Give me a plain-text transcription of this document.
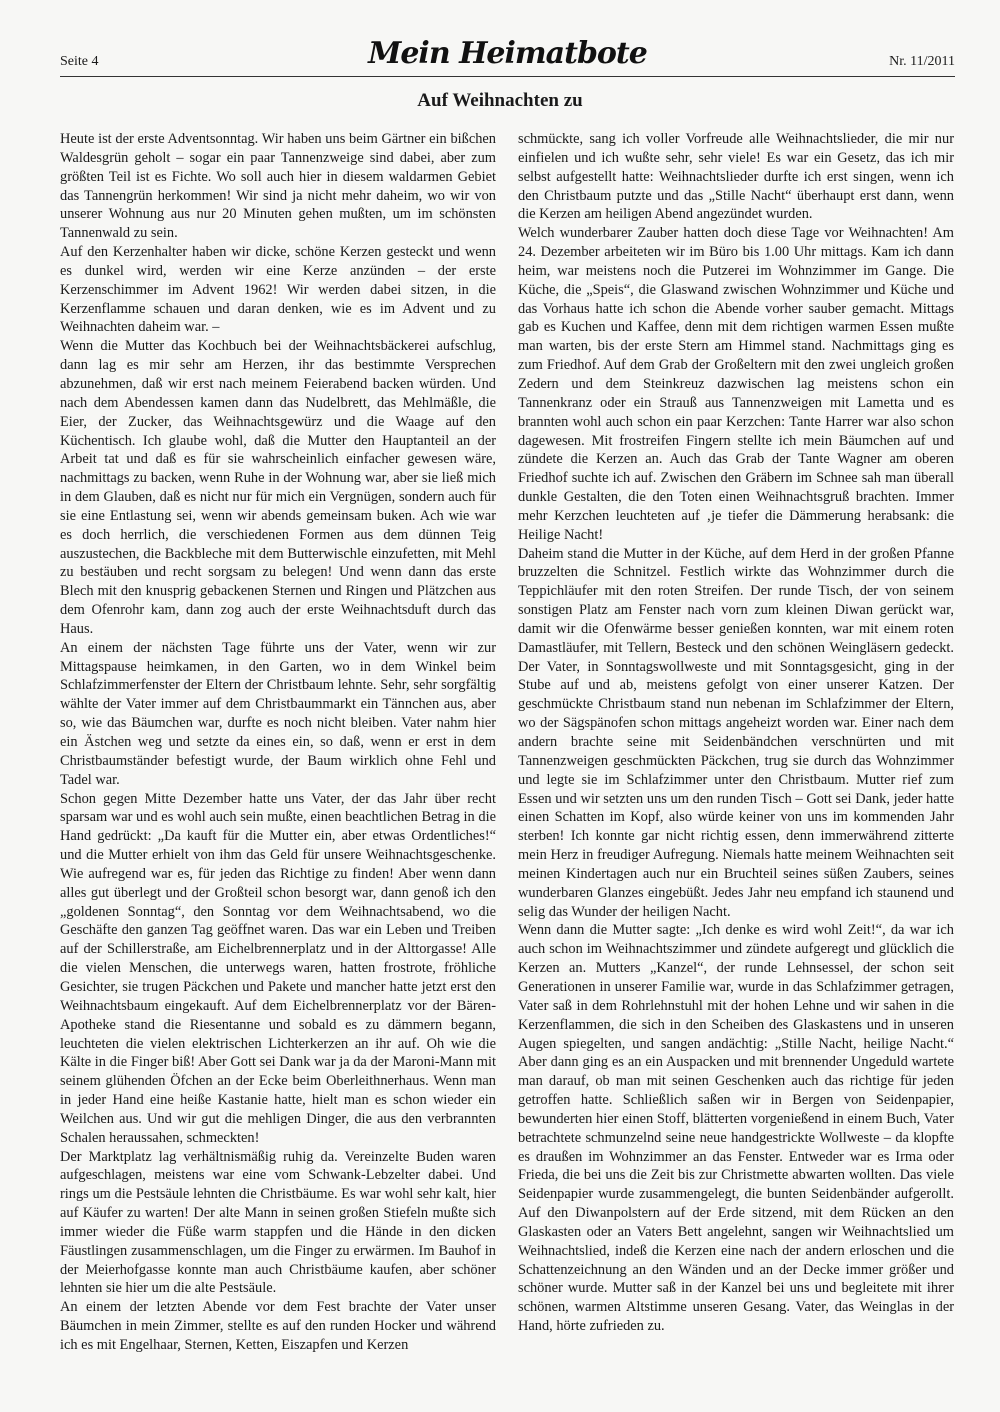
Seite 4	Mein Heimatbote	Nr. 11/2011
Auf Weihnachten zu

Heute ist der erste Adventsonntag. Wir haben uns beim Gärtner ein bißchen Waldesgrün geholt – sogar ein paar Tannenzweige sind dabei, aber zum größten Teil ist es Fichte. Wo soll auch hier in diesem waldarmen Gebiet das Tannengrün herkommen! Wir sind ja nicht mehr daheim, wo wir von unserer Wohnung aus nur 20 Minuten gehen mußten, um im schönsten Tannenwald zu sein.

Auf den Kerzenhalter haben wir dicke, schöne Kerzen gesteckt und wenn es dunkel wird, werden wir eine Kerze anzünden – der erste Kerzenschimmer im Advent 1962! Wir werden dabei sitzen, in die Kerzenflamme schauen und daran denken, wie es im Advent und zu Weihnachten daheim war. –

Wenn die Mutter das Kochbuch bei der Weihnachtsbäckerei aufschlug, dann lag es mir sehr am Herzen, ihr das bestimmte Versprechen abzunehmen, daß wir erst nach meinem Feierabend backen würden. Und nach dem Abendessen kamen dann das Nudelbrett, das Mehlmäßle, die Eier, der Zucker, das Weihnachtsgewürz und die Waage auf den Küchentisch. Ich glaube wohl, daß die Mutter den Hauptanteil an der Arbeit tat und daß es für sie wahrscheinlich einfacher gewesen wäre, nachmittags zu backen, wenn Ruhe in der Wohnung war, aber sie ließ mich in dem Glauben, daß es nicht nur für mich ein Vergnügen, sondern auch für sie eine Entlastung sei, wenn wir abends gemeinsam buken. Ach wie war es doch herrlich, die verschiedenen Formen aus dem dünnen Teig auszustechen, die Backbleche mit dem Butterwischle einzufetten, mit Mehl zu bestäuben und recht sorgsam zu belegen! Und wenn dann das erste Blech mit den knusprig gebackenen Sternen und Ringen und Plätzchen aus dem Ofenrohr kam, dann zog auch der erste Weihnachtsduft durch das Haus.

An einem der nächsten Tage führte uns der Vater, wenn wir zur Mittagspause heimkamen, in den Garten, wo in dem Winkel beim Schlafzimmerfenster der Eltern der Christbaum lehnte. Sehr, sehr sorgfältig wählte der Vater immer auf dem Christbaummarkt ein Tännchen aus, aber so, wie das Bäumchen war, durfte es noch nicht bleiben. Vater nahm hier ein Ästchen weg und setzte da eines ein, so daß, wenn er erst in dem Christbaumständer befestigt wurde, der Baum wirklich ohne Fehl und Tadel war.

Schon gegen Mitte Dezember hatte uns Vater, der das Jahr über recht sparsam war und es wohl auch sein mußte, einen beachtlichen Betrag in die Hand gedrückt: „Da kauft für die Mutter ein, aber etwas Ordentliches!“ und die Mutter erhielt von ihm das Geld für unsere Weihnachtsgeschenke. Wie aufregend war es, für jeden das Richtige zu finden! Aber wenn dann alles gut überlegt und der Großteil schon besorgt war, dann genoß ich den „goldenen Sonntag“, den Sonntag vor dem Weihnachtsabend, wo die Geschäfte den ganzen Tag geöffnet waren. Das war ein Leben und Treiben auf der Schillerstraße, am Eichelbrennerplatz und in der Alttorgasse! Alle die vielen Menschen, die unterwegs waren, hatten frostrote, fröhliche Gesichter, sie trugen Päckchen und Pakete und mancher hatte jetzt erst den Weihnachtsbaum eingekauft. Auf dem Eichelbrennerplatz vor der Bären-Apotheke stand die Riesentanne und sobald es zu dämmern begann, leuchteten die vielen elektrischen Lichterkerzen an ihr auf. Oh wie die Kälte in die Finger biß! Aber Gott sei Dank war ja da der Maroni-Mann mit seinem glühenden Öfchen an der Ecke beim Oberleithnerhaus. Wenn man in jeder Hand eine heiße Kastanie hatte, hielt man es schon wieder ein Weilchen aus. Und wir gut die mehligen Dinger, die aus den verbrannten Schalen heraussahen, schmeckten!

Der Marktplatz lag verhältnismäßig ruhig da. Vereinzelte Buden waren aufgeschlagen, meistens war eine vom Schwank-Lebzelter dabei. Und rings um die Pestsäule lehnten die Christbäume. Es war wohl sehr kalt, hier auf Käufer zu warten! Der alte Mann in seinen großen Stiefeln mußte sich immer wieder die Füße warm stappfen und die Hände in den dicken Fäustlingen zusammenschlagen, um die Finger zu erwärmen. Im Bauhof in der Meierhofgasse konnte man auch Christbäume kaufen, aber schöner lehnten sie hier um die alte Pestsäule.

An einem der letzten Abende vor dem Fest brachte der Vater unser Bäumchen in mein Zimmer, stellte es auf den runden Hocker und während ich es mit Engelhaar, Sternen, Ketten, Eiszapfen und Kerzen

schmückte, sang ich voller Vorfreude alle Weihnachtslieder, die mir nur einfielen und ich wußte sehr, sehr viele! Es war ein Gesetz, das ich mir selbst aufgestellt hatte: Weihnachtslieder durfte ich erst singen, wenn ich den Christbaum putzte und das „Stille Nacht“ überhaupt erst dann, wenn die Kerzen am heiligen Abend angezündet wurden.

Welch wunderbarer Zauber hatten doch diese Tage vor Weihnachten! Am 24. Dezember arbeiteten wir im Büro bis 1.00 Uhr mittags. Kam ich dann heim, war meistens noch die Putzerei im Wohnzimmer im Gange. Die Küche, die „Speis“, die Glaswand zwischen Wohnzimmer und Küche und das Vorhaus hatte ich schon die Abende vorher sauber gemacht. Mittags gab es Kuchen und Kaffee, denn mit dem richtigen warmen Essen mußte man warten, bis der erste Stern am Himmel stand. Nachmittags ging es zum Friedhof. Auf dem Grab der Großeltern mit den zwei ungleich großen Zedern und dem Steinkreuz dazwischen lag meistens schon ein Tannenkranz oder ein Strauß aus Tannenzweigen mit Lametta und es brannten wohl auch schon ein paar Kerzchen: Tante Harrer war also schon dagewesen. Mit frostreifen Fingern stellte ich mein Bäumchen auf und zündete die Kerzen an. Auch das Grab der Tante Wagner am oberen Friedhof suchte ich auf. Zwischen den Gräbern im Schnee sah man überall dunkle Gestalten, die den Toten einen Weihnachtsgruß brachten. Immer mehr Kerzchen leuchteten auf ‚je tiefer die Dämmerung herabsank: die Heilige Nacht!

Daheim stand die Mutter in der Küche, auf dem Herd in der großen Pfanne bruzzelten die Schnitzel. Festlich wirkte das Wohnzimmer durch die Teppichläufer mit den roten Streifen. Der runde Tisch, der von seinem sonstigen Platz am Fenster nach vorn zum kleinen Diwan gerückt war, damit wir die Ofenwärme besser genießen konnten, war mit einem roten Damastläufer, mit Tellern, Besteck und den schönen Weingläsern gedeckt. Der Vater, in Sonntagswollweste und mit Sonntagsgesicht, ging in der Stube auf und ab, meistens gefolgt von einer unserer Katzen. Der geschmückte Christbaum stand nun nebenan im Schlafzimmer der Eltern, wo der Sägspänofen schon mittags angeheizt worden war. Einer nach dem andern brachte seine mit Seidenbändchen verschnürten und mit Tannenzweigen geschmückten Päckchen, trug sie durch das Wohnzimmer und legte sie im Schlafzimmer unter den Christbaum. Mutter rief zum Essen und wir setzten uns um den runden Tisch – Gott sei Dank, jeder hatte einen Schatten im Kopf, also würde keiner von uns im kommenden Jahr sterben! Ich konnte gar nicht richtig essen, denn immerwährend zitterte mein Herz in freudiger Aufregung. Niemals hatte meinem Weihnachten seit meinen Kindertagen auch nur ein Bruchteil seines süßen Zaubers, seines wunderbaren Glanzes eingebüßt. Jedes Jahr neu empfand ich staunend und selig das Wunder der heiligen Nacht.

Wenn dann die Mutter sagte: „Ich denke es wird wohl Zeit!“, da war ich auch schon im Weihnachtszimmer und zündete aufgeregt und glücklich die Kerzen an. Mutters „Kanzel“, der runde Lehnsessel, der schon seit Generationen in unserer Familie war, wurde in das Schlafzimmer getragen, Vater saß in dem Rohrlehnstuhl mit der hohen Lehne und wir sahen in die Kerzenflammen, die sich in den Scheiben des Glaskastens und in unseren Augen spiegelten, und sangen andächtig: „Stille Nacht, heilige Nacht.“ Aber dann ging es an ein Auspacken und mit brennender Ungeduld wartete man darauf, ob man mit seinen Geschenken auch das richtige für jeden getroffen hatte. Schließlich saßen wir in Bergen von Seidenpapier, bewunderten hier einen Stoff, blätterten vorgenießend in einem Buch, Vater betrachtete schmunzelnd seine neue handgestrickte Wollweste – da klopfte es draußen im Wohnzimmer an das Fenster. Entweder war es Irma oder Frieda, die bei uns die Zeit bis zur Christmette abwarten wollten. Das viele Seidenpapier wurde zusammengelegt, die bunten Seidenbänder aufgerollt. Auf den Diwanpolstern auf der Erde sitzend, mit dem Rücken an den Glaskasten oder an Vaters Bett angelehnt, sangen wir Weihnachtslied um Weihnachtslied, indeß die Kerzen eine nach der andern erloschen und die Schattenzeichnung an den Wänden und an der Decke immer größer und schöner wurde. Mutter saß in der Kanzel bei uns und begleitete mit ihrer schönen, warmen Altstimme unseren Gesang. Vater, das Weinglas in der Hand, hörte zufrieden zu.
